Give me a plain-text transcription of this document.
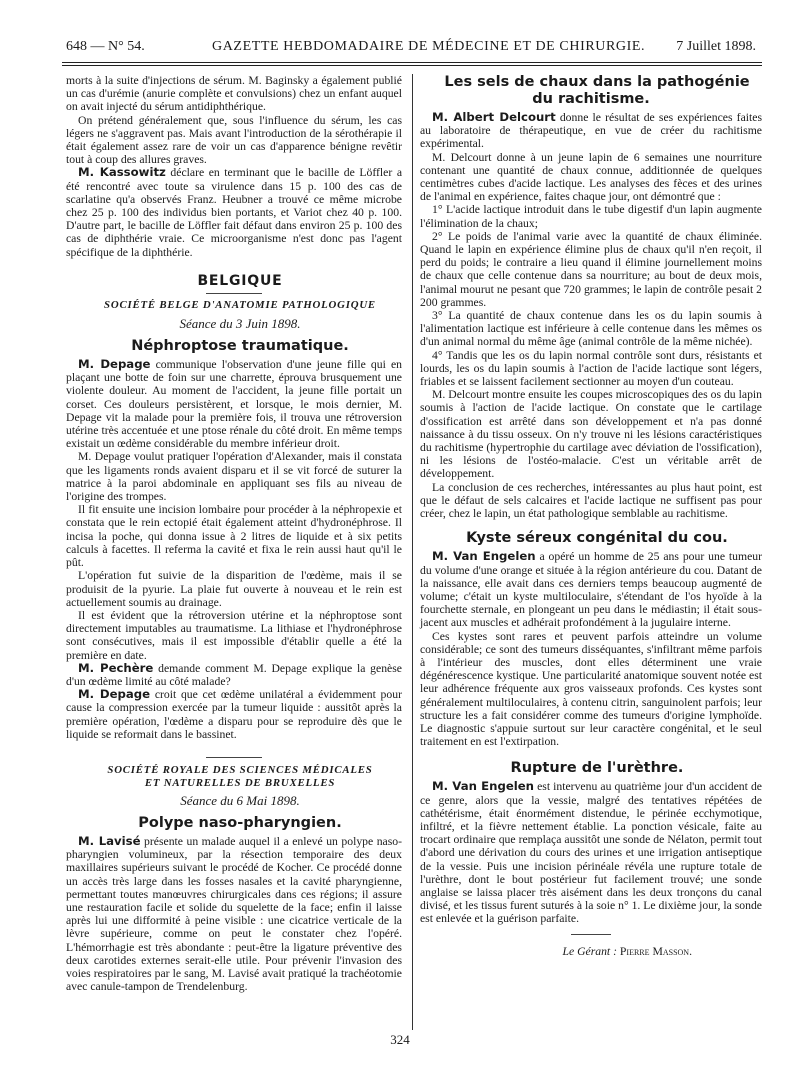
648 — N° 54.	GAZETTE HEBDOMADAIRE DE MÉDECINE ET DE CHIRURGIE. 7 Juillet 1898.

morts à la suite d'injections de sérum. M. Baginsky a également publié un cas d'urémie (anurie complète et convulsions) chez un enfant auquel on avait injecté du sérum antidiphthérique.

On prétend généralement que, sous l'influence du sérum, les cas légers ne s'aggravent pas. Mais avant l'introduction de la sérothérapie il était également assez rare de voir un cas d'apparence bénigne revêtir tout à coup des allures graves.

M. Kassowitz déclare en terminant que le bacille de Löffler a été rencontré avec toute sa virulence dans 15 p. 100 des cas de scarlatine qu'a observés Franz. Heubner a trouvé ce même microbe chez 25 p. 100 des individus bien portants, et Variot chez 40 p. 100. D'autre part, le bacille de Löffler fait défaut dans environ 25 p. 100 des cas de diphthérie vraie. Ce microorganisme n'est donc pas l'agent spécifique de la diphthérie.

BELGIQUE

SOCIÉTÉ BELGE D'ANATOMIE PATHOLOGIQUE

Séance du 3 Juin 1898.

Néphroptose traumatique.

M. Depage communique l'observation d'une jeune fille qui en plaçant une botte de foin sur une charrette, éprouva brusquement une violente douleur. Au moment de l'accident, la jeune fille portait un corset. Ces douleurs persistèrent, et lorsque, le mois dernier, M. Depage vit la malade pour la première fois, il trouva une rétroversion utérine très accentuée et une ptose rénale du côté droit. En même temps existait un œdème considérable du membre inférieur droit.

M. Depage voulut pratiquer l'opération d'Alexander, mais il constata que les ligaments ronds avaient disparu et il se vit forcé de suturer la matrice à la paroi abdominale en appliquant ses fils au niveau de l'origine des trompes.

Il fit ensuite une incision lombaire pour procéder à la néphropexie et constata que le rein ectopié était également atteint d'hydronéphrose. Il incisa la poche, qui donna issue à 2 litres de liquide et à six petits calculs à facettes. Il referma la cavité et fixa le rein aussi haut qu'il le pût.

L'opération fut suivie de la disparition de l'œdème, mais il se produisit de la pyurie. La plaie fut ouverte à nouveau et le rein est actuellement soumis au drainage.

Il est évident que la rétroversion utérine et la néphroptose sont directement imputables au traumatisme. La lithiase et l'hydronéphrose sont consécutives, mais il est impossible d'établir quelle a été la première en date.

M. Pechère demande comment M. Depage explique la genèse d'un œdème limité au côté malade?

M. Depage croit que cet œdème unilatéral a évidemment pour cause la compression exercée par la tumeur liquide : aussitôt après la première opération, l'œdème a disparu pour se reproduire dès que le liquide se reformait dans le bassinet.

SOCIÉTÉ ROYALE DES SCIENCES MÉDICALES

ET NATURELLES DE BRUXELLES

Séance du 6 Mai 1898.

Polype naso-pharyngien.

M. Lavisé présente un malade auquel il a enlevé un polype naso-pharyngien volumineux, par la résection temporaire des deux maxillaires supérieurs suivant le procédé de Kocher. Ce procédé donne un accès très large dans les fosses nasales et la cavité pharyngienne, permettant toutes manœuvres chirurgicales dans ces régions; il assure une restauration facile et solide du squelette de la face; enfin il laisse après lui une difformité à peine visible : une cicatrice verticale de la lèvre supérieure, comme on peut le constater chez l'opéré. L'hémorrhagie est très abondante : peut-être la ligature préventive des deux carotides externes serait-elle utile. Pour prévenir l'invasion des voies respiratoires par le sang, M. Lavisé avait pratiqué la trachéotomie avec canule-tampon de Trendelenburg.

Les sels de chaux dans la pathogénie du rachitisme.

M. Albert Delcourt donne le résultat de ses expériences faites au laboratoire de thérapeutique, en vue de créer du rachitisme expérimental.

M. Delcourt donne à un jeune lapin de 6 semaines une nourriture contenant une quantité de chaux connue, additionnée de quelques centimètres cubes d'acide lactique. Les analyses des fèces et des urines de l'animal en expérience, faites chaque jour, ont démontré que :

1° L'acide lactique introduit dans le tube digestif d'un lapin augmente l'élimination de la chaux;

2° Le poids de l'animal varie avec la quantité de chaux éliminée. Quand le lapin en expérience élimine plus de chaux qu'il n'en reçoit, il perd du poids; le contraire a lieu quand il élimine journellement moins de chaux que celle contenue dans sa nourriture; au bout de deux mois, l'animal mourut ne pesant que 720 grammes; le lapin de contrôle pesait 2 200 grammes.

3° La quantité de chaux contenue dans les os du lapin soumis à l'alimentation lactique est inférieure à celle contenue dans les mêmes os d'un animal normal du même âge (animal contrôle de la même nichée).

4° Tandis que les os du lapin normal contrôle sont durs, résistants et lourds, les os du lapin soumis à l'action de l'acide lactique sont légers, friables et se laissent facilement sectionner au moyen d'un couteau.

M. Delcourt montre ensuite les coupes microscopiques des os du lapin soumis à l'action de l'acide lactique. On constate que le cartilage d'ossification est arrêté dans son développement et n'a pas donné naissance à du tissu osseux. On n'y trouve ni les lésions caractéristiques du rachitisme (hypertrophie du cartilage avec déviation de l'ossification), ni les lésions de l'ostéo-malacie. C'est un véritable arrêt de développement.

La conclusion de ces recherches, intéressantes au plus haut point, est que le défaut de sels calcaires et l'acide lactique ne suffisent pas pour créer, chez le lapin, un état pathologique semblable au rachitisme.

Kyste séreux congénital du cou.

M. Van Engelen a opéré un homme de 25 ans pour une tumeur du volume d'une orange et située à la région antérieure du cou. Datant de la naissance, elle avait dans ces derniers temps beaucoup augmenté de volume; c'était un kyste multiloculaire, s'étendant de l'os hyoïde à la fourchette sternale, en plongeant un peu dans le médiastin; il était sous-jacent aux muscles et adhérait profondément à la jugulaire interne.

Ces kystes sont rares et peuvent parfois atteindre un volume considérable; ce sont des tumeurs disséquantes, s'infiltrant même parfois à l'intérieur des muscles, dont elles déterminent une vraie dégénérescence kystique. Une particularité anatomique souvent notée est leur adhérence fréquente aux gros vaisseaux profonds. Ces kystes sont généralement multiloculaires, à contenu citrin, sanguinolent parfois; leur structure les a fait considérer comme des tumeurs d'origine lymphoïde. Le diagnostic s'appuie surtout sur leur caractère congénital, et le seul traitement en est l'extirpation.

Rupture de l'urèthre.

M. Van Engelen est intervenu au quatrième jour d'un accident de ce genre, alors que la vessie, malgré des tentatives répétées de cathétérisme, était énormément distendue, le périnée ecchymotique, infiltré, et la fièvre nettement établie. La ponction vésicale, faite au trocart ordinaire que remplaça aussitôt une sonde de Nélaton, permit tout d'abord une dérivation du cours des urines et une irrigation antiseptique de la vessie. Puis une incision périnéale révéla une rupture totale de l'urèthre, dont le bout postérieur fut facilement trouvé; une sonde anglaise se laissa placer très aisément dans les deux tronçons du canal divisé, et les tissus furent suturés à la soie n° 1. Le dixième jour, la sonde est enlevée et la guérison parfaite.

Le Gérant : Pierre Masson.

324
